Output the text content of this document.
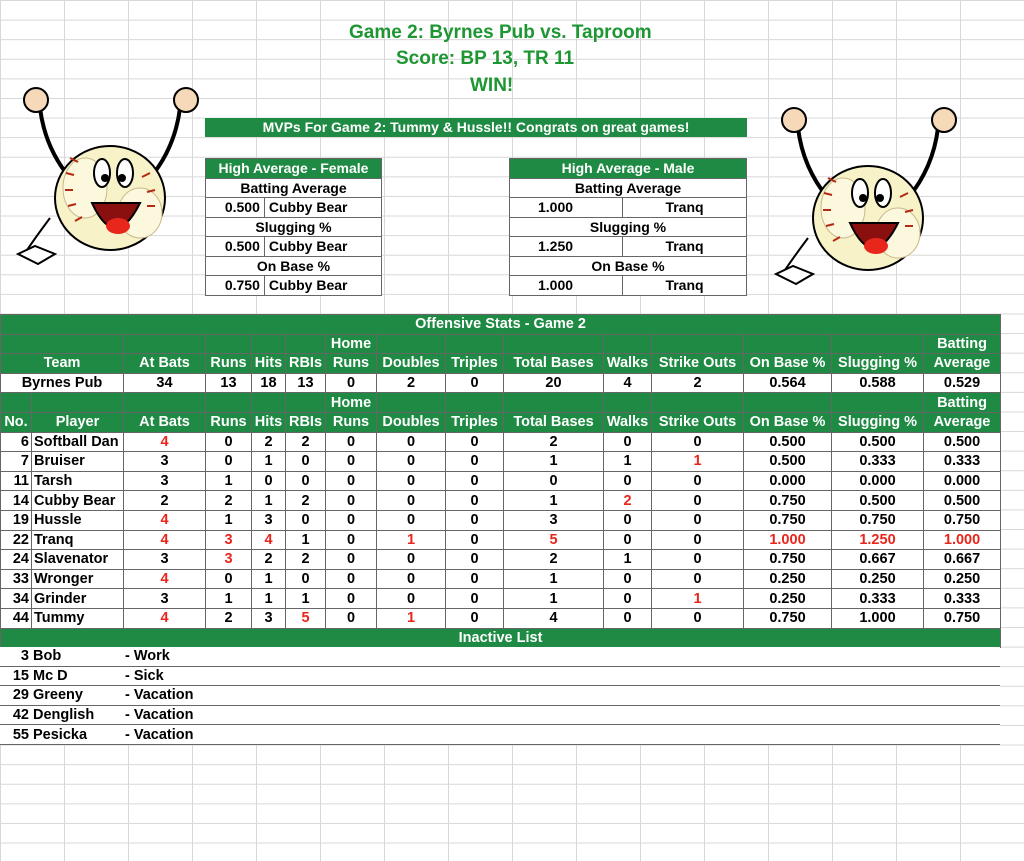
Game 2: Byrnes Pub vs. Taproom
Score: BP 13, TR 11
WIN!
MVPs For Game 2: Tummy & Hussle!! Congrats on great games!
High Average - Female	
Batting Average	
0.500	Cubby Bear
Slugging %	
0.500	Cubby Bear
On Base %	
0.750	Cubby Bear
High Average - Male	
Batting Average	
1.000	Tranq
Slugging %	
1.250	Tranq
On Base %	
1.000	Tranq
Offensive Stats - Game 2														
						Home								Batting
Team		At Bats	Runs	Hits	RBIs	Runs	Doubles	Triples	Total Bases	Walks	Strike Outs	On Base %	Slugging %	Average
Byrnes Pub		34	13	18	13	0	2	0	20	4	2	0.564	0.588	0.529
						Home								Batting
No.	Player	At Bats	Runs	Hits	RBIs	Runs	Doubles	Triples	Total Bases	Walks	Strike Outs	On Base %	Slugging %	Average
6	Softball Dan	4	0	2	2	0	0	0	2	0	0	0.500	0.500	0.500
7	Bruiser	3	0	1	0	0	0	0	1	1	1	0.500	0.333	0.333
11	Tarsh	3	1	0	0	0	0	0	0	0	0	0.000	0.000	0.000
14	Cubby Bear	2	2	1	2	0	0	0	1	2	0	0.750	0.500	0.500
19	Hussle	4	1	3	0	0	0	0	3	0	0	0.750	0.750	0.750
22	Tranq	4	3	4	1	0	1	0	5	0	0	1.000	1.250	1.000
24	Slavenator	3	3	2	2	0	0	0	2	1	0	0.750	0.667	0.667
33	Wronger	4	0	1	0	0	0	0	1	0	0	0.250	0.250	0.250
34	Grinder	3	1	1	1	0	0	0	1	0	1	0.250	0.333	0.333
44	Tummy	4	2	3	5	0	1	0	4	0	0	0.750	1.000	0.750
Inactive List														
3	Bob	- Work	
15	Mc D	- Sick	
29	Greeny	- Vacation	
42	Denglish	- Vacation	
55	Pesicka	- Vacation	
